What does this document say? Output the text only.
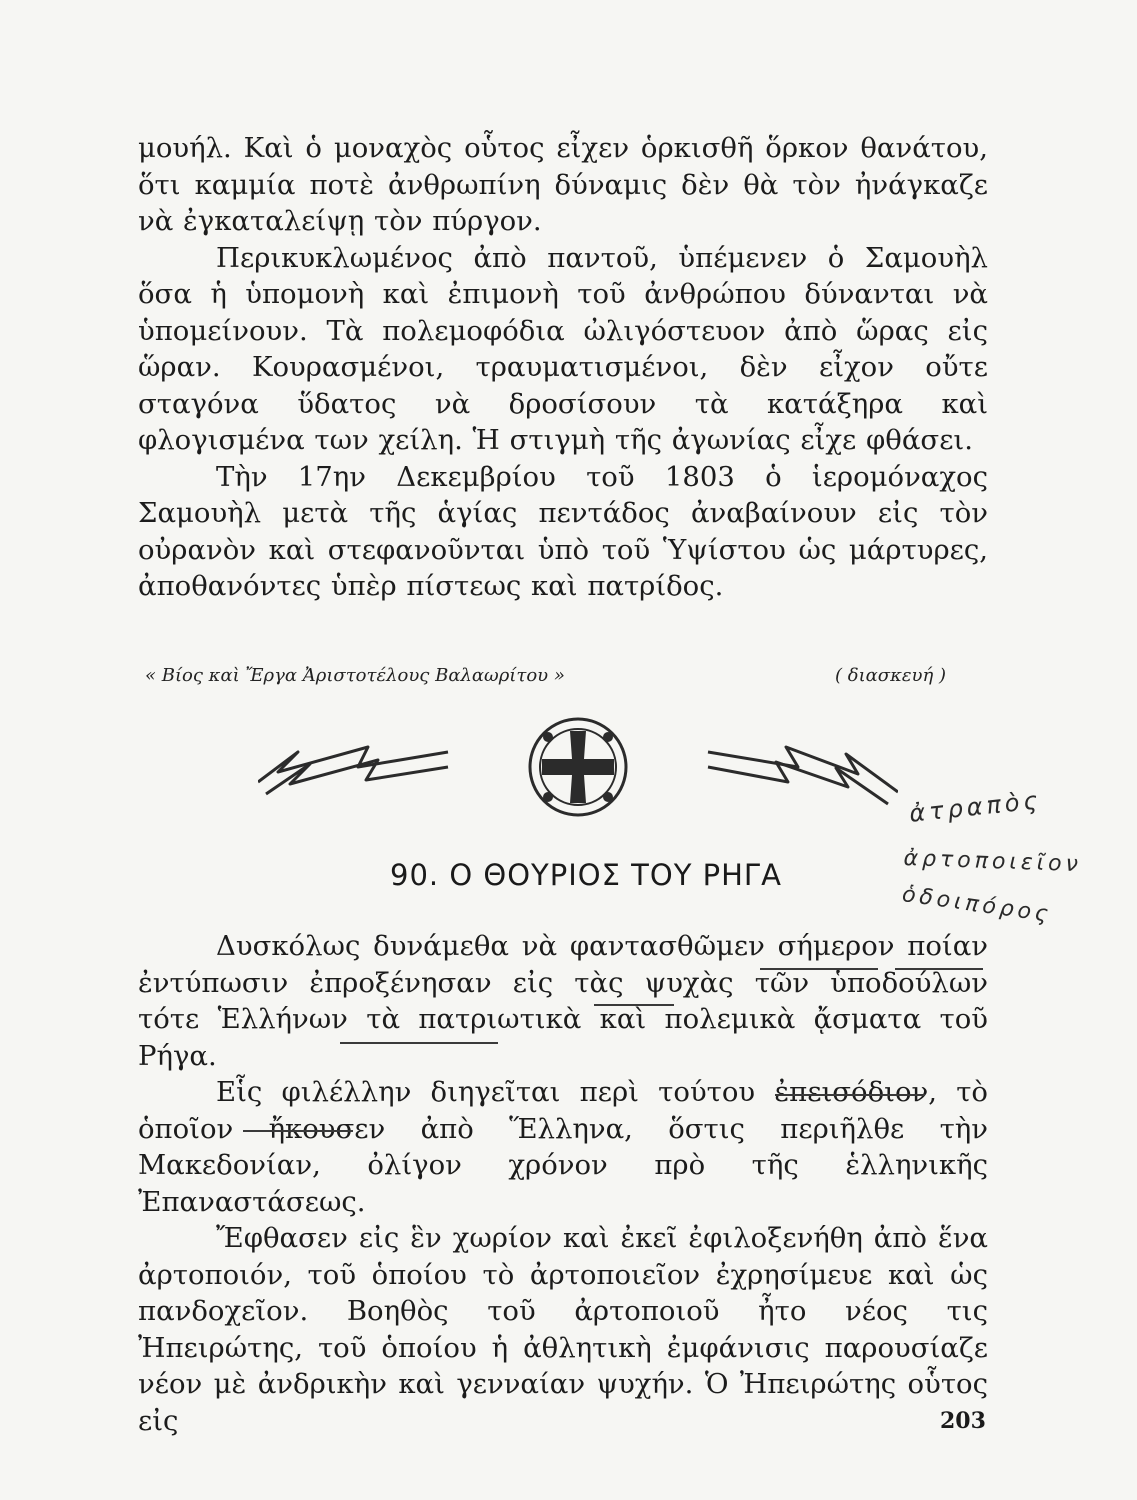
μουήλ. Καὶ ὁ μοναχὸς οὗτος εἶχεν ὁρκισθῆ ὅρκον θανάτου, ὅτι καμμία ποτὲ ἀνθρωπίνη δύναμις δὲν θὰ τὸν ἠνάγκαζε νὰ ἐγκαταλείψῃ τὸν πύργον.

Περικυκλωμένος ἀπὸ παντοῦ, ὑπέμενεν ὁ Σαμουὴλ ὅσα ἡ ὑπομονὴ καὶ ἐπιμονὴ τοῦ ἀνθρώπου δύνανται νὰ ὑπομείνουν. Τὰ πολεμοφόδια ὠλιγόστευον ἀπὸ ὥρας εἰς ὥραν. Κουρασμένοι, τραυματισμένοι, δὲν εἶχον οὔτε σταγόνα ὕδατος νὰ δροσίσουν τὰ κατάξηρα καὶ φλογισμένα των χείλη. Ἡ στιγμὴ τῆς ἀγωνίας εἶχε φθάσει.

Τὴν 17ην Δεκεμβρίου τοῦ 1803 ὁ ἱερομόναχος Σαμουὴλ μετὰ τῆς ἁγίας πεντάδος ἀναβαίνουν εἰς τὸν οὐρανὸν καὶ στεφανοῦνται ὑπὸ τοῦ Ὑψίστου ὡς μάρτυρες, ἀποθανόντες ὑπὲρ πίστεως καὶ πατρίδος.

« Βίος καὶ Ἔργα Ἀριστοτέλους Βαλαωρίτου »	( διασκευή )
90. Ο ΘΟΥΡΙΟΣ ΤΟΥ ΡΗΓΑ
ἀτραπὸς
ἀρτοποιεῖον
ὁδοιπόρος

Δυσκόλως δυνάμεθα νὰ φαντασθῶμεν σήμερον ποίαν ἐντύπωσιν ἐπροξένησαν εἰς τὰς ψυχὰς τῶν ὑποδούλων τότε Ἑλλήνων τὰ πατριωτικὰ καὶ πολεμικὰ ᾄσματα τοῦ Ρήγα.

Εἷς φιλέλλην διηγεῖται περὶ τούτου ἐπεισόδιον, τὸ ὁποῖον ἤκουσεν ἀπὸ Ἕλληνα, ὅστις περιῆλθε τὴν Μακεδονίαν, ὀλίγον χρόνον πρὸ τῆς ἑλληνικῆς Ἐπαναστάσεως.

Ἔφθασεν εἰς ἓν χωρίον καὶ ἐκεῖ ἐφιλοξενήθη ἀπὸ ἕνα ἀρτοποιόν, τοῦ ὁποίου τὸ ἀρτοποιεῖον ἐχρησίμευε καὶ ὡς πανδοχεῖον. Βοηθὸς τοῦ ἀρτοποιοῦ ἦτο νέος τις Ἠπειρώτης, τοῦ ὁποίου ἡ ἀθλητικὴ ἐμφάνισις παρουσίαζε νέον μὲ ἀνδρικὴν καὶ γενναίαν ψυχήν. Ὁ Ἠπειρώτης οὗτος εἰς	203
